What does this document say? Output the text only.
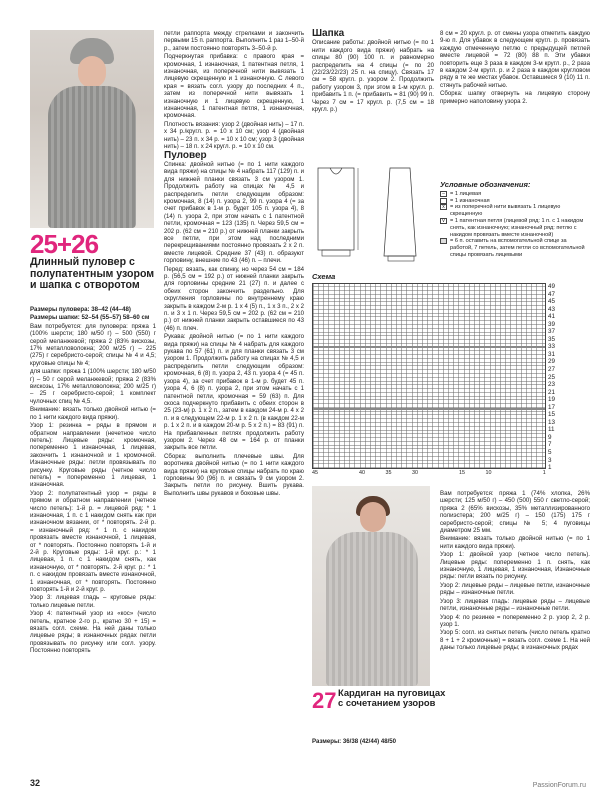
25+26
Длинный пуловер с полупатентным узором и шапка с отворотом

Размеры пуловера: 38–42 (44–48)

Размеры шапки: 52–54 (55–57) 58–60 см

Вам потребуется: для пуловера: пряжа 1 (100% шерсти; 180 м/50 г) – 500 (550) г серой меланжевой; пряжа 2 (83% вискозы, 17% металловолокна; 200 м/25 г) – 225 (275) г серебристо-серой; спицы № 4 и 4,5; круговые спицы № 4;

для шапки: пряжа 1 (100% шерсти; 180 м/50 г) – 50 г серой меланжевой; пряжа 2 (83% вискозы, 17% металловолокна; 200 м/25 г) – 25 г серебристо-серой; 1 комплект чулочных спиц № 4,5.

Внимание: вязать только двойной нитью (= по 1 нити каждого вида пряжи).

Узор 1: резинка = ряды в прямом и обратном направлении (нечетное число петель): Лицевые ряды: кромочная, попеременно 1 изнаночная, 1 лицевая, закончить 1 изнаночной и 1 кромочной. Изнаночные ряды: петли провязывать по рисунку. Круговые ряды (четное число петель) = попеременно 1 лицевая, 1 изнаночная.

Узор 2: полупатентный узор = ряды в прямом и обратном направлении (четное число петель): 1-й р. = лицевой ряд: * 1 изнаночная, 1 п. с 1 накидом снять как при изнаночном вязании, от * повторять. 2-й р. = изнаночный ряд: * 1 п. с накидом провязать вместе изнаночной, 1 лицевая, от * повторять. Постоянно повторять 1-й и 2-й р. Круговые ряды: 1-й круг. р.: * 1 лицевая, 1 п. с 1 накидом снять, как изнаночную, от * повторять. 2-й круг. р.: * 1 п. с накидом провязать вместе изнаночной, 1 изнаночная, от * повторять. Постоянно повторять 1-й и 2-й круг. р.

Узор 3: лицевая гладь – круговые ряды: только лицевые петли.

Узор 4: патентный узор из «кос» (число петель, кратное 2-го р., кратно 30 + 15) = вязать согл. схеме. На ней даны только лицевые ряды; в изнаночных рядах петли провязывать по рисунку или согл. узору. Постоянно повторять

петли раппорта между стрелками и закончить первыми 15 п. раппорта. Выполнить 1 раз 1–50-й р., затем постоянно повторять 3–50-й р.

Подчеркнутая прибавка: с правого края = кромочная, 1 изнаночная, 1 патентная петля, 1 изнаночная, из поперечной нити вывязать 1 лицевую скрещенную и 1 изнаночную. С левого края = вязать согл. узору до последних 4 п., затем из поперечной нити вывязать 1 изнаночную и 1 лицевую скрещенную, 1 изнаночная, 1 патентная петля, 1 изнаночная, кромочная.

Плотность вязания: узор 2 (двойная нить) – 17 п. х 34 р./кругл. р. = 10 х 10 см; узор 4 (двойная нить) – 23 п. х 34 р. = 10 х 10 см; узор 3 (двойная нить) – 18 п. х 24 кругл. р. = 10 х 10 см.

Пуловер

Спинка: двойной нитью (= по 1 нити каждого вида пряжи) на спицы № 4 набрать 117 (129) п. и для нижней планки связать 3 см узором 1. Продолжить работу на спицах № 4,5 и распределить петли следующим образом: кромочная, 8 (14) п. узора 2, 99 п. узора 4 (= за счет прибавок в 1-м р. будет 105 п. узора 4), 8 (14) п. узора 2, при этом начать с 1 патентной петли, кромочная = 123 (135) п. Через 59,5 см = 202 р. (62 см = 210 р.) от нижней планки закрыть все петли, при этом над последними перекрещиваниями постоянно провязать 2 х 2 п. вместе лицевой. Средние 37 (43) п. образуют горловину, внешние по 43 (46) п. – плечи.

Перед: вязать, как спинку, но через 54 см = 184 р. (56,5 см = 192 р.) от нижней планки закрыть для горловины средние 21 (27) п. и далее с обеих сторон закончить раздельно. Для скругления горловины по внутреннему краю закрыть в каждом 2-м р. 1 х 4 (5) п., 1 х 3 п., 2 х 2 п. и 3 х 1 п. Через 59,5 см = 202 р. (62 см = 210 р.) от нижней планки закрыть оставшиеся по 43 (46) п. плеч.

Рукава: двойной нитью (= по 1 нити каждого вида пряжи) на спицы № 4 набрать для каждого рукава по 57 (61) п. и для планки связать 3 см узором 1. Продолжить работу на спицах № 4,5 и распределить петли следующим образом: кромочная, 6 (8) п. узора 2, 43 п. узора 4 (= 45 п. узора 4), за счет прибавок в 1-м р. будет 45 п. узора 4, 6 (8) п. узора 2, при этом начать с 1 патентной петли, кромочная = 59 (63) п. Для скоса подчеркнуто прибавить с обеих сторон в 25 (23-м) р. 1 х 2 п., затем в каждом 24-м р. 4 х 2 п. и в следующем 22-м р. 1 х 2 п. (в каждом 22-м р. 1 х 2 п. и в каждом 20-м р. 5 х 2 п.) = 83 (91) п. На прибавленных петлях продолжить работу узором 2. Через 48 см = 164 р. от планки закрыть все петли.

Сборка: выполнить плечевые швы. Для воротника двойной нитью (= по 1 нити каждого вида пряжи) на круговые спицы набрать по краю горловины 90 (96) п. и связать 9 см узором 2. Закрыть петли по рисунку. Вшить рукава. Выполнить швы рукавов и боковые швы.

Шапка

Описание работы: двойной нитью (= по 1 нити каждого вида пряжи) набрать на спицы 80 (90) 100 п. и равномерно распределить на 4 спицы (= по 20 (22/23/22/23) 25 п. на спицу). Связать 17 см = 58 кругл. р. узором 2. Продолжить работу узором 3, при этом в 1-м кругл. р. прибавить 1 п. (= прибавить = 81 (90) 99 п. Через 7 см = 17 кругл. р. (7,5 см = 18 кругл. р.)

8 см = 20 кругл. р. от смены узора отметить каждую 9-ю п. Для убавок в следующем кругл. р. провязать каждую отмеченную петлю с предыдущей петлей вместе лицевой = 72 (80) 88 п. Эти убавки повторить еще 3 раза в каждом 3-м кругл. р., 2 раза в каждом 2-м кругл. р. и 2 раза в каждом кругловом ряду в те же местах убавок. Оставшиеся 9 (10) 11 п. стянуть рабочей нитью.

Сборка: шапку отвернуть на лицевую сторону примерно наполовину узора 2.

Условные обозначения:
– = 1 лицевая
= 1 изнаночная
x = из поперечной нити вывязать 1 лицевую скрещенную
v = 1 патентная петля (лицевой ряд: 1 п. с 1 накидом снять, как изнаночную; изнаночный ряд: петлю с накидом провязать вместе изнаночной)
= 6 п. оставить на вспомогательной спице за работой, 7 петель, затем петли со вспомогательной спицы провязать лицевыми
Схема
49
47
45
43
41
39
37
35
33
31
29
27
25
23
21
19
17
15
13
11
9
7
5
3
1
45	40	35	30	15	10	1
27 Кардиган на пуговицах с сочетанием узоров

Размеры: 36/38 (42/44) 48/50

Вам потребуется: пряжа 1 (74% хлопка, 26% шерсти; 125 м/50 г) – 450 (500) 550 г светло-серой; пряжа 2 (65% вискозы, 35% металлизированного полиэстера; 200 м/25 г) – 150 (175) 175 г серебристо-серой; спицы № 5; 4 пуговицы диаметром 25 мм.

Внимание: вязать только двойной нитью (= по 1 нити каждого вида пряжи).

Узор 1: двойной узор (четное число петель). Лицевые ряды: попеременно 1 п. снять, как изнаночную, 1 лицевая, 1 изнаночная, Изнаночные ряды: петли вязать по рисунку.

Узор 2: лицевые ряды – лицевые петли, изнаночные ряды – изнаночные петли.

Узор 3: лицевая гладь: лицевые ряды – лицевые петли, изнаночные ряды – изнаночные петли.

Узор 4: по резинке = попеременно 2 р. узор 2, 2 р. узор 1.

Узор 5: согл. из снятых петель (число петель кратно 8 + 1 + 2 кромочные) = вязать согл. схеме 1. На ней даны только лицевые ряды; в изнаночных рядах

32	PassionForum.ru
